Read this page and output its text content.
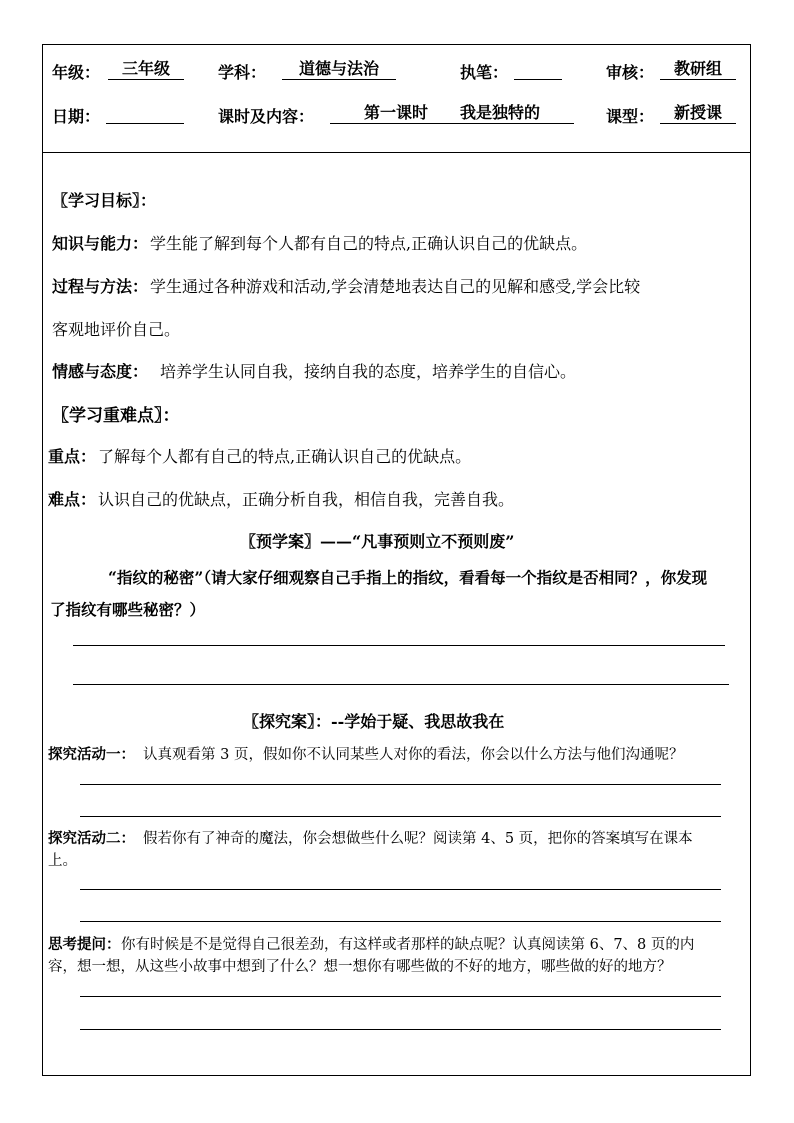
年级：	三年级	学科：	道德与法治	执笔：	审核：	教研组
日期：	课时及内容：	第一课时　　我是独特的	课型：	新授课
〖学习目标〗：
知识与能力： 学生能了解到每个人都有自己的特点,正确认识自己的优缺点。
过程与方法： 学生通过各种游戏和活动,学会清楚地表达自己的见解和感受,学会比较
客观地评价自己。
情感与态度： 培养学生认同自我，接纳自我的态度，培养学生的自信心。
〖学习重难点〗：
重点： 了解每个人都有自己的特点,正确认识自己的优缺点。
难点： 认识自己的优缺点，正确分析自我，相信自我，完善自我。
〖预学案〗——“凡事预则立不预则废”
“指纹的秘密”（请大家仔细观察自己手指上的指纹，看看每一个指纹是否相同？，你发现
了指纹有哪些秘密？）
〖探究案〗：--学始于疑、我思故我在
探究活动一： 认真观看第 3 页，假如你不认同某些人对你的看法，你会以什么方法与他们沟通呢？
探究活动二： 假若你有了神奇的魔法，你会想做些什么呢？阅读第 4、5 页，把你的答案填写在课本
上。
思考提问： 你有时候是不是觉得自己很差劲，有这样或者那样的缺点呢？认真阅读第 6、7、8 页的内
容，想一想，从这些小故事中想到了什么？想一想你有哪些做的不好的地方，哪些做的好的地方？
